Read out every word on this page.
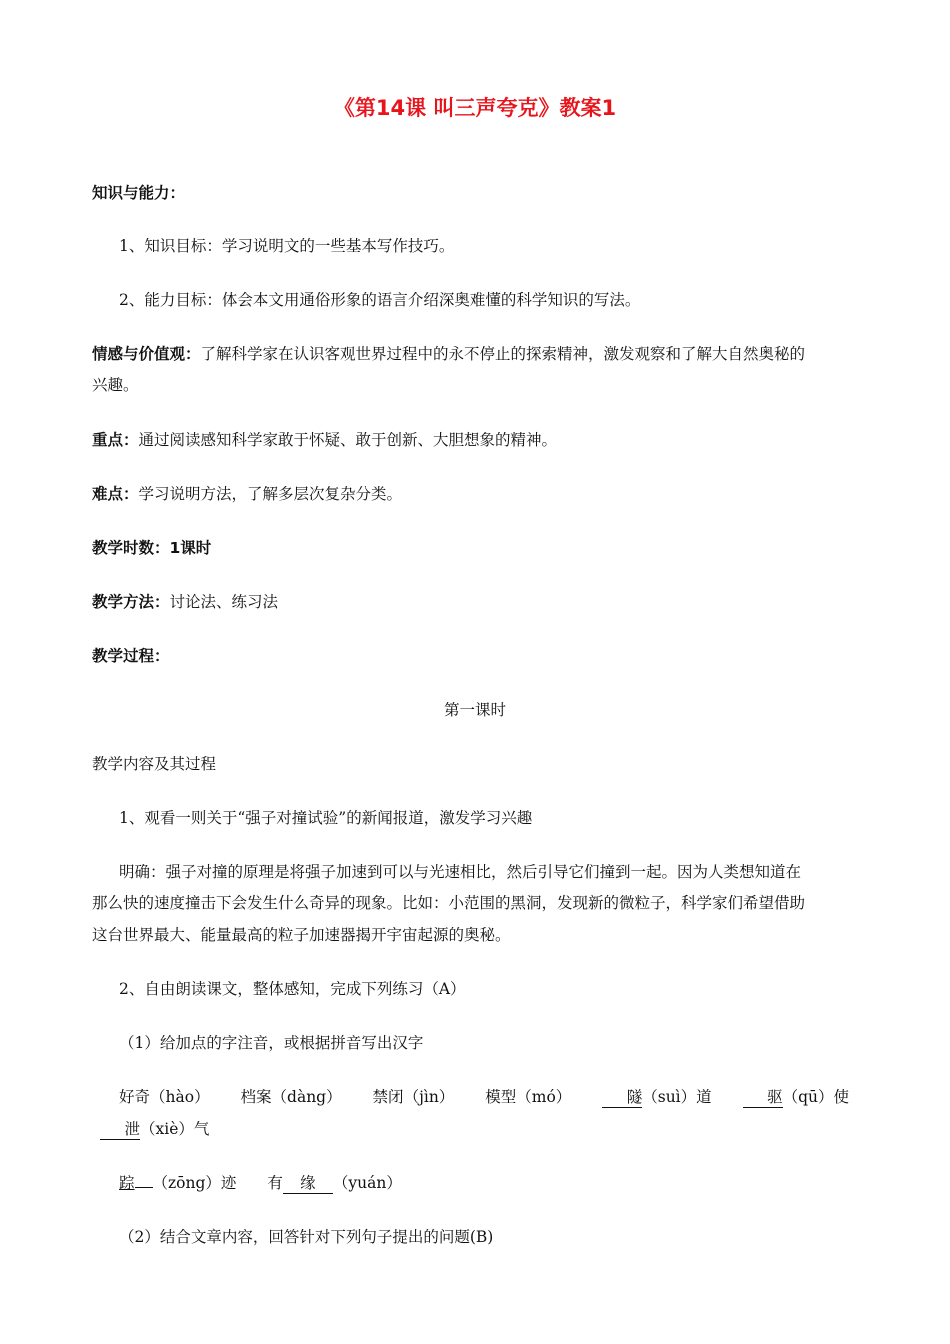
《第14课 叫三声夸克》教案1
知识与能力：
1、知识目标：学习说明文的一些基本写作技巧。
2、能力目标：体会本文用通俗形象的语言介绍深奥难懂的科学知识的写法。
情感与价值观：了解科学家在认识客观世界过程中的永不停止的探索精神，激发观察和了解大自然奥秘的
兴趣。
重点：通过阅读感知科学家敢于怀疑、敢于创新、大胆想象的精神。
难点：学习说明方法，了解多层次复杂分类。
教学时数：1课时
教学方法：讨论法、练习法
教学过程：
第一课时
教学内容及其过程
1、观看一则关于“强子对撞试验”的新闻报道，激发学习兴趣
明确：强子对撞的原理是将强子加速到可以与光速相比，然后引导它们撞到一起。因为人类想知道在
那么快的速度撞击下会发生什么奇异的现象。比如：小范围的黑洞，发现新的微粒子，科学家们希望借助
这台世界最大、能量最高的粒子加速器揭开宇宙起源的奥秘。
2、自由朗读课文，整体感知，完成下列练习（A）
（1）给加点的字注音，或根据拼音写出汉字
好奇（hào） 档案（dàng） 禁闭（jìn） 模型（mó）	隧（suì）道	驱（qū）使
泄（xiè）气
踪 （zōng）迹 有 缘 （yuán）
（2）结合文章内容，回答针对下列句子提出的问题(B)
